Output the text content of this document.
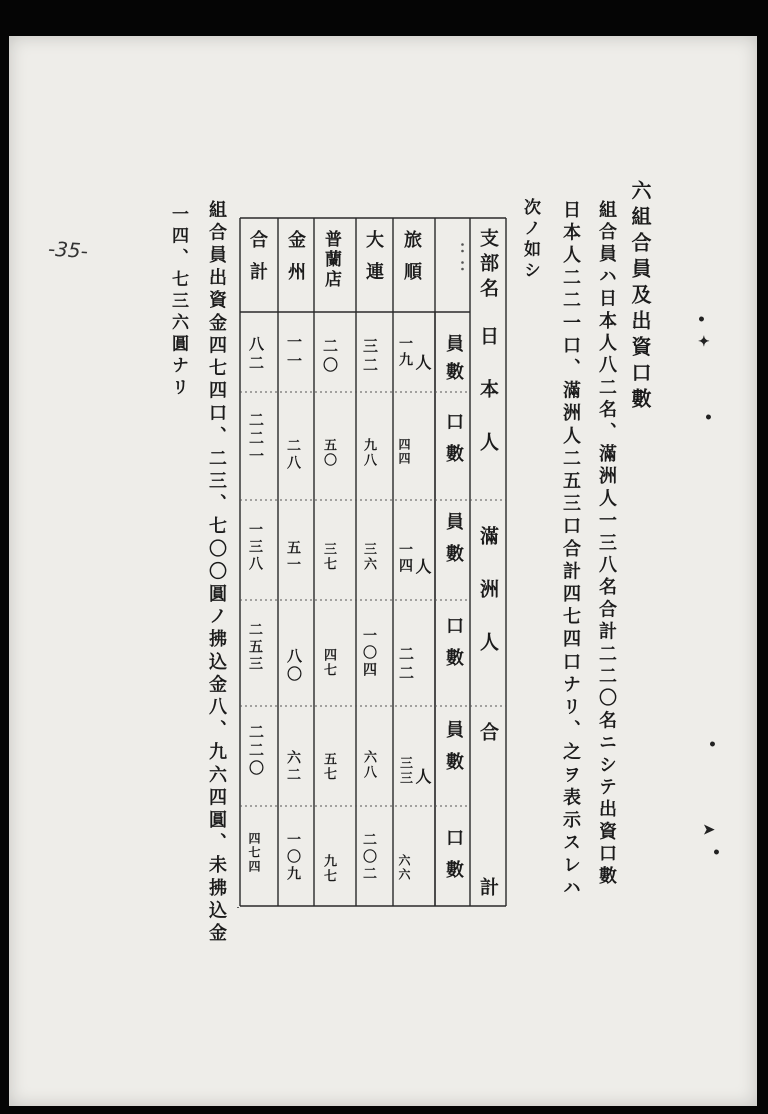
-35-
•
✦
•
•
➤
•

六組合員及出資口數

組合員ハ日本人八二名、滿洲人一三八名合計二二〇名ニシテ出資口數

日本人二二一口、滿洲人二五三口合計四七四口ナリ、之ヲ表示スレハ

次ノ如シ

支部名
日本人
滿洲人
合計
：：
員數
口數
員數
口數
員數
口數
旅順
大連
普蘭店
金州
合計
人
人
人
一九
四四
一四
二二
三三
六六
三二
九八
三六
一〇四
六八
二〇二
二〇
五〇
三七
四七
五七
九七
一一
二八
五一
八〇
六二
一〇九
八二
二二一
一三八
二五三
二二〇
四七四

組合員出資金四七四口、二三、七〇〇圓ノ拂込金八、九六四圓、未拂込金

一四、七三六圓ナリ
